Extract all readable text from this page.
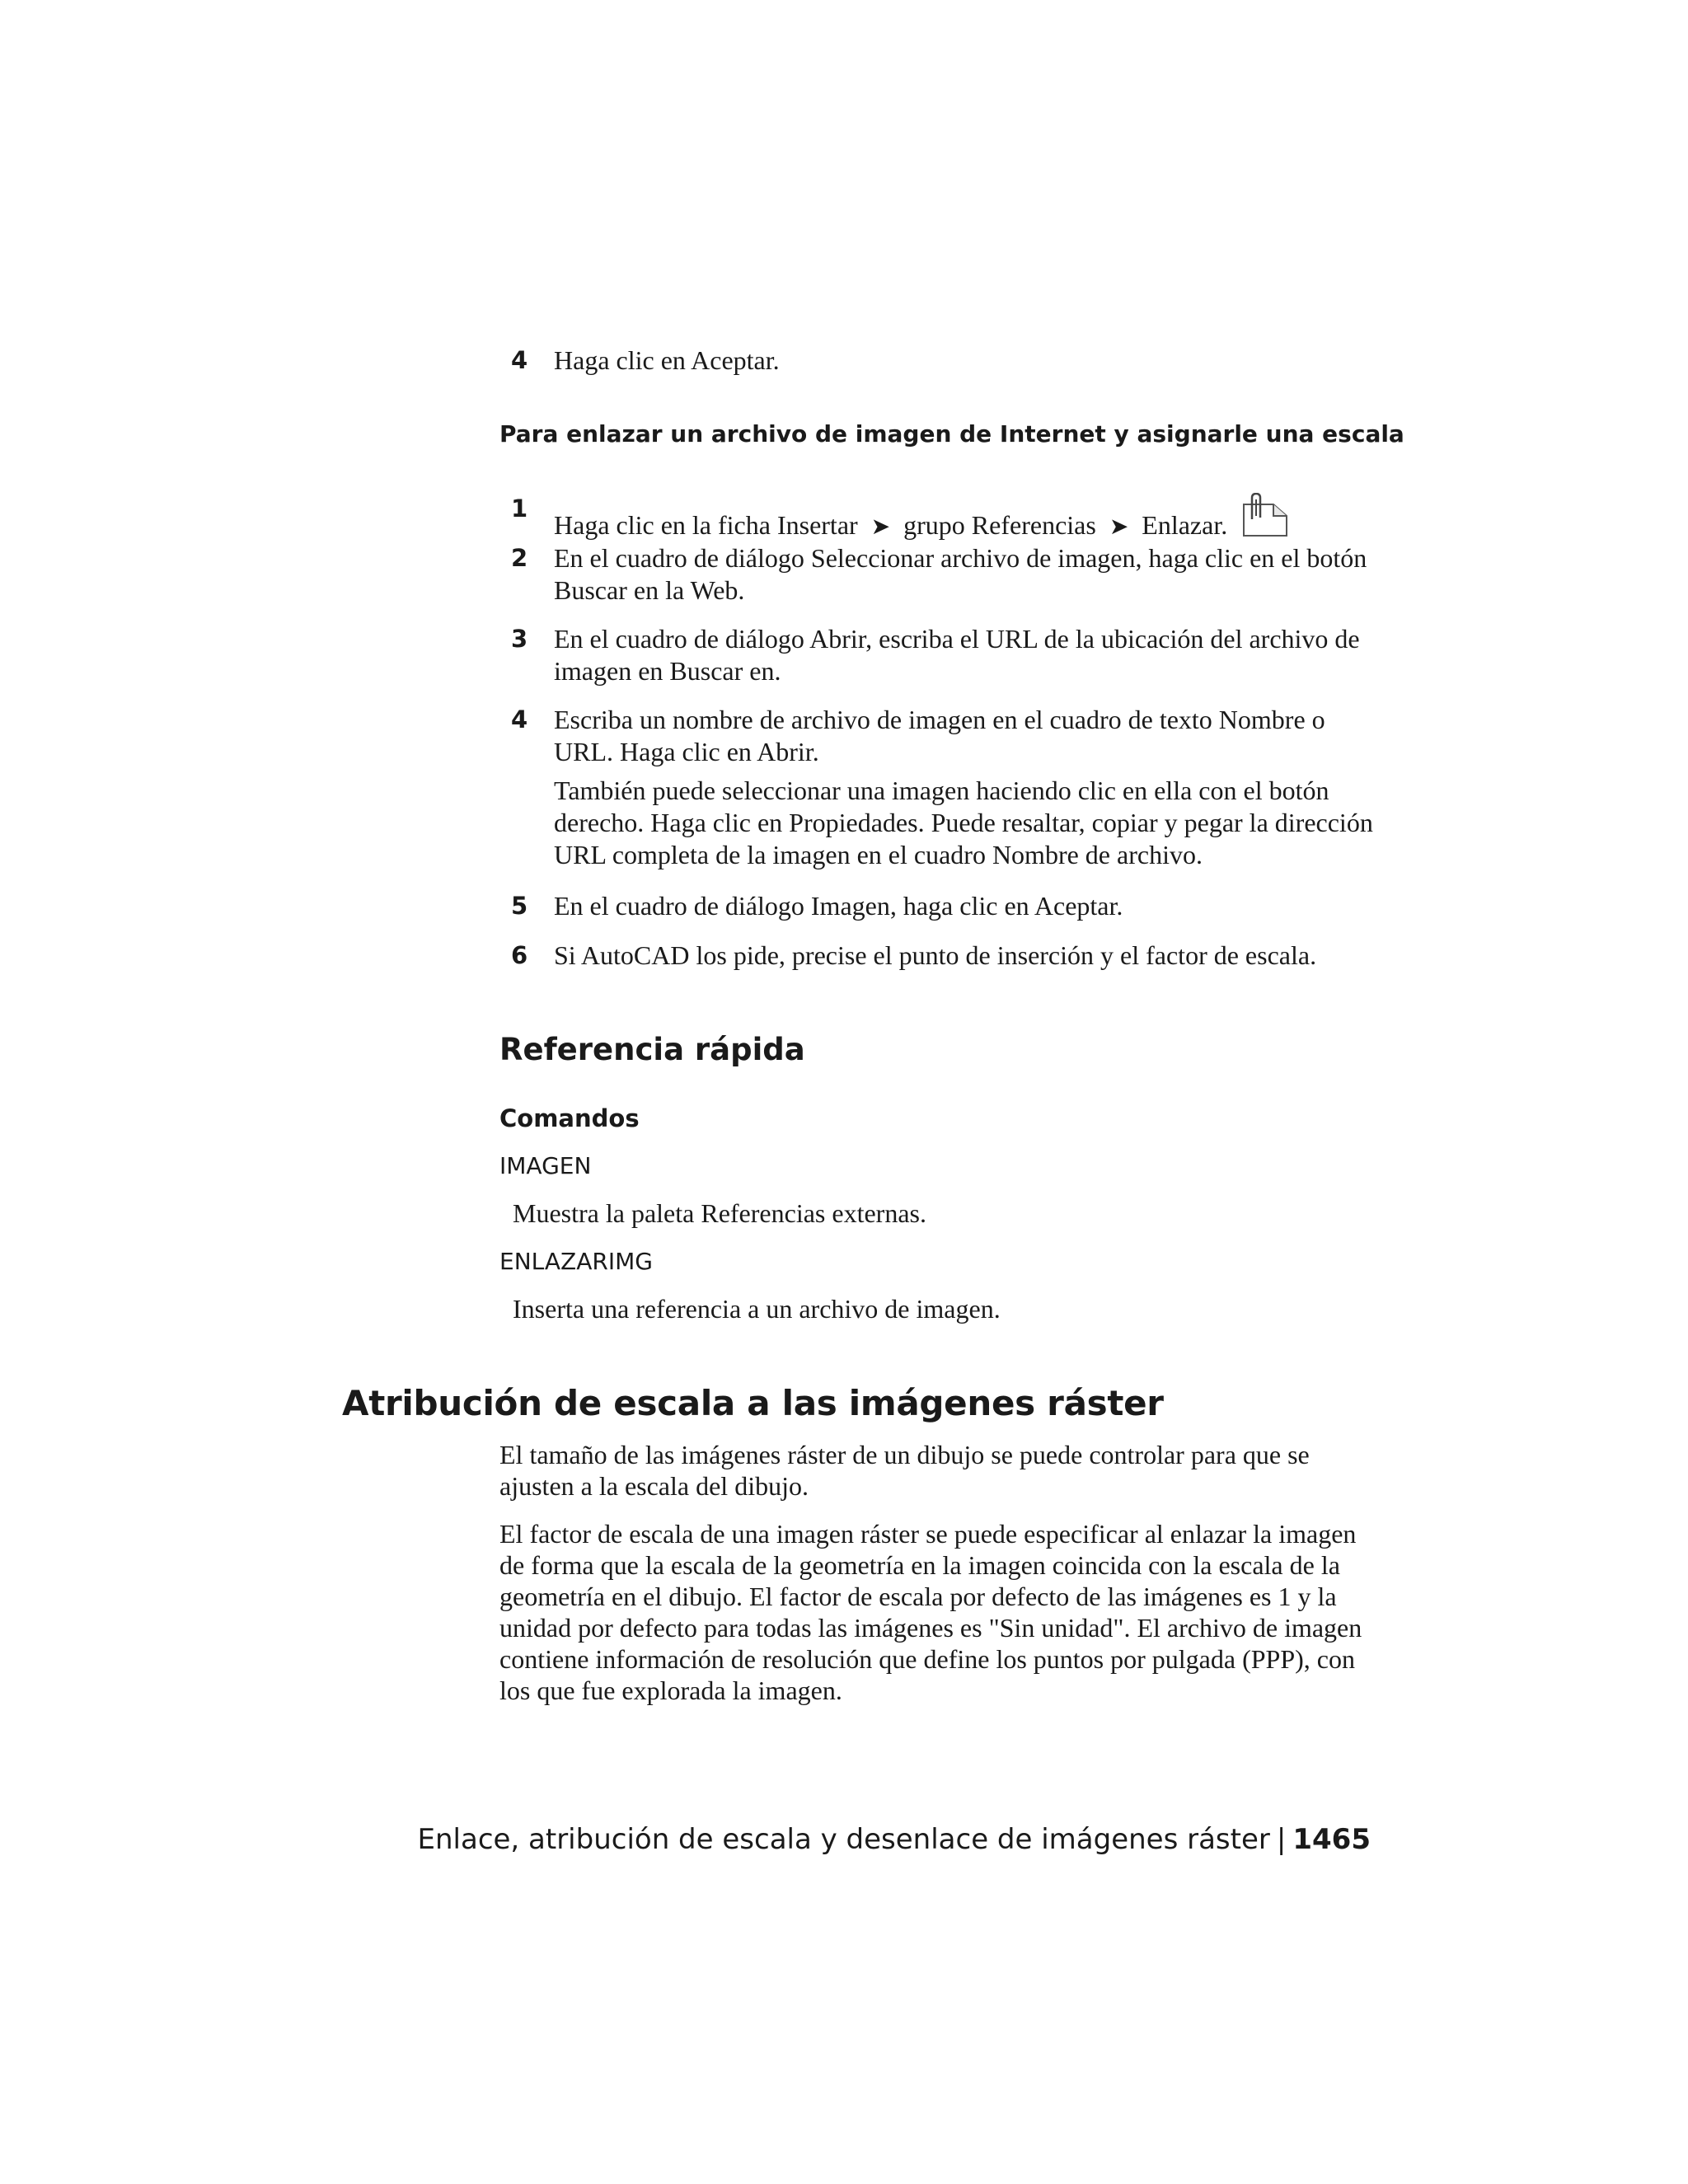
4 Haga clic en Aceptar.
Para enlazar un archivo de imagen de Internet y asignarle una escala
1
Haga clic en la ficha Insertar ➤ grupo Referencias ➤ Enlazar.
2 En el cuadro de diálogo Seleccionar archivo de imagen, haga clic en el botón Buscar en la Web.
3 En el cuadro de diálogo Abrir, escriba el URL de la ubicación del archivo de imagen en Buscar en.
4 Escriba un nombre de archivo de imagen en el cuadro de texto Nombre o URL. Haga clic en Abrir.
También puede seleccionar una imagen haciendo clic en ella con el botón derecho. Haga clic en Propiedades. Puede resaltar, copiar y pegar la dirección URL completa de la imagen en el cuadro Nombre de archivo.
5 En el cuadro de diálogo Imagen, haga clic en Aceptar.
6 Si AutoCAD los pide, precise el punto de inserción y el factor de escala.
Referencia rápida
Comandos
IMAGEN
Muestra la paleta Referencias externas.
ENLAZARIMG
Inserta una referencia a un archivo de imagen.
Atribución de escala a las imágenes ráster
El tamaño de las imágenes ráster de un dibujo se puede controlar para que se ajusten a la escala del dibujo.
El factor de escala de una imagen ráster se puede especificar al enlazar la imagen de forma que la escala de la geometría en la imagen coincida con la escala de la geometría en el dibujo. El factor de escala por defecto de las imágenes es 1 y la unidad por defecto para todas las imágenes es "Sin unidad". El archivo de imagen contiene información de resolución que define los puntos por pulgada (PPP), con los que fue explorada la imagen.
Enlace, atribución de escala y desenlace de imágenes ráster | 1465
